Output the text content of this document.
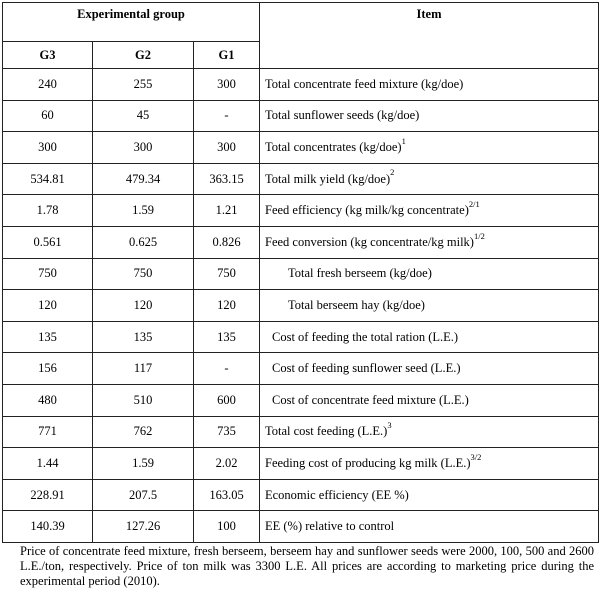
Experimental group			Item
G3	G2	G1	
240	255	300	Total concentrate feed mixture (kg/doe)
60	45	-	Total sunflower seeds (kg/doe)
300	300	300	Total concentrates $(kg/doe)^1$
534.81	479.34	363.15	Total milk yield $(kg/doe)^2$
1.78	1.59	1.21	Feed efficiency (kg milk/kg concentrate)$^{2/1}$
0.561	0.625	0.826	Feed conversion (kg concentrate/kg milk)$^{1/2}$
750	750	750	Total fresh berseem (kg/doe)
120	120	120	Total berseem hay (kg/doe)
135	135	135	Cost of feeding the total ration (L.E.)
156	117	-	Cost of feeding sunflower seed (L.E.)
480	510	600	Cost of concentrate feed mixture (L.E.)
771	762	735	Total cost feeding $(L.E.)^3$
1.44	1.59	2.02	Feeding cost of producing kg milk $(L.E.)^{3/2}$
228.91	207.5	163.05	Economic efficiency (EE %)
140.39	127.26	100	EE (%) relative to control
Price of concentrate feed mixture, fresh berseem, berseem hay and sunflower seeds were 2000, 100, 500 and 2600 L.E./ton, respectively. Price of ton milk was 3300 L.E. All prices are according to marketing price during the experimental period (2010).
